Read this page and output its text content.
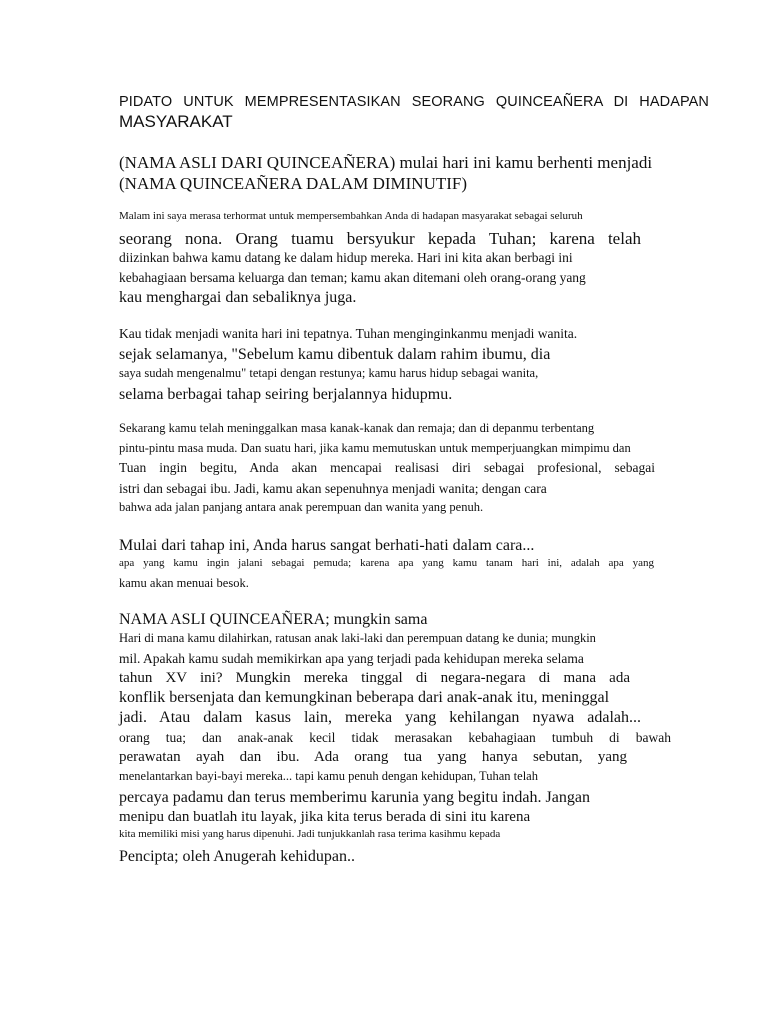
PIDATO UNTUK MEMPRESENTASIKAN SEORANG QUINCEAÑERA DI HADAPAN
MASYARAKAT
(NAMA ASLI DARI QUINCEAÑERA) mulai hari ini kamu berhenti menjadi
(NAMA QUINCEAÑERA DALAM DIMINUTIF)
Malam ini saya merasa terhormat untuk mempersembahkan Anda di hadapan masyarakat sebagai seluruh
seorang nona. Orang tuamu bersyukur kepada Tuhan; karena telah
diizinkan bahwa kamu datang ke dalam hidup mereka. Hari ini kita akan berbagi ini
kebahagiaan bersama keluarga dan teman; kamu akan ditemani oleh orang-orang yang
kau menghargai dan sebaliknya juga.
Kau tidak menjadi wanita hari ini tepatnya. Tuhan menginginkanmu menjadi wanita.
sejak selamanya, "Sebelum kamu dibentuk dalam rahim ibumu, dia
saya sudah mengenalmu" tetapi dengan restunya; kamu harus hidup sebagai wanita,
selama berbagai tahap seiring berjalannya hidupmu.
Sekarang kamu telah meninggalkan masa kanak-kanak dan remaja; dan di depanmu terbentang
pintu-pintu masa muda. Dan suatu hari, jika kamu memutuskan untuk memperjuangkan mimpimu dan
Tuan ingin begitu, Anda akan mencapai realisasi diri sebagai profesional, sebagai
istri dan sebagai ibu. Jadi, kamu akan sepenuhnya menjadi wanita; dengan cara
bahwa ada jalan panjang antara anak perempuan dan wanita yang penuh.
Mulai dari tahap ini, Anda harus sangat berhati-hati dalam cara...
apa yang kamu ingin jalani sebagai pemuda; karena apa yang kamu tanam hari ini, adalah apa yang
kamu akan menuai besok.
NAMA ASLI QUINCEAÑERA; mungkin sama
Hari di mana kamu dilahirkan, ratusan anak laki-laki dan perempuan datang ke dunia; mungkin
mil. Apakah kamu sudah memikirkan apa yang terjadi pada kehidupan mereka selama
tahun XV ini? Mungkin mereka tinggal di negara-negara di mana ada
konflik bersenjata dan kemungkinan beberapa dari anak-anak itu, meninggal
jadi. Atau dalam kasus lain, mereka yang kehilangan nyawa adalah...
orang tua; dan anak-anak kecil tidak merasakan kebahagiaan tumbuh di bawah
perawatan ayah dan ibu. Ada orang tua yang hanya sebutan, yang
menelantarkan bayi-bayi mereka... tapi kamu penuh dengan kehidupan, Tuhan telah
percaya padamu dan terus memberimu karunia yang begitu indah. Jangan
menipu dan buatlah itu layak, jika kita terus berada di sini itu karena
kita memiliki misi yang harus dipenuhi. Jadi tunjukkanlah rasa terima kasihmu kepada
Pencipta; oleh Anugerah kehidupan..
